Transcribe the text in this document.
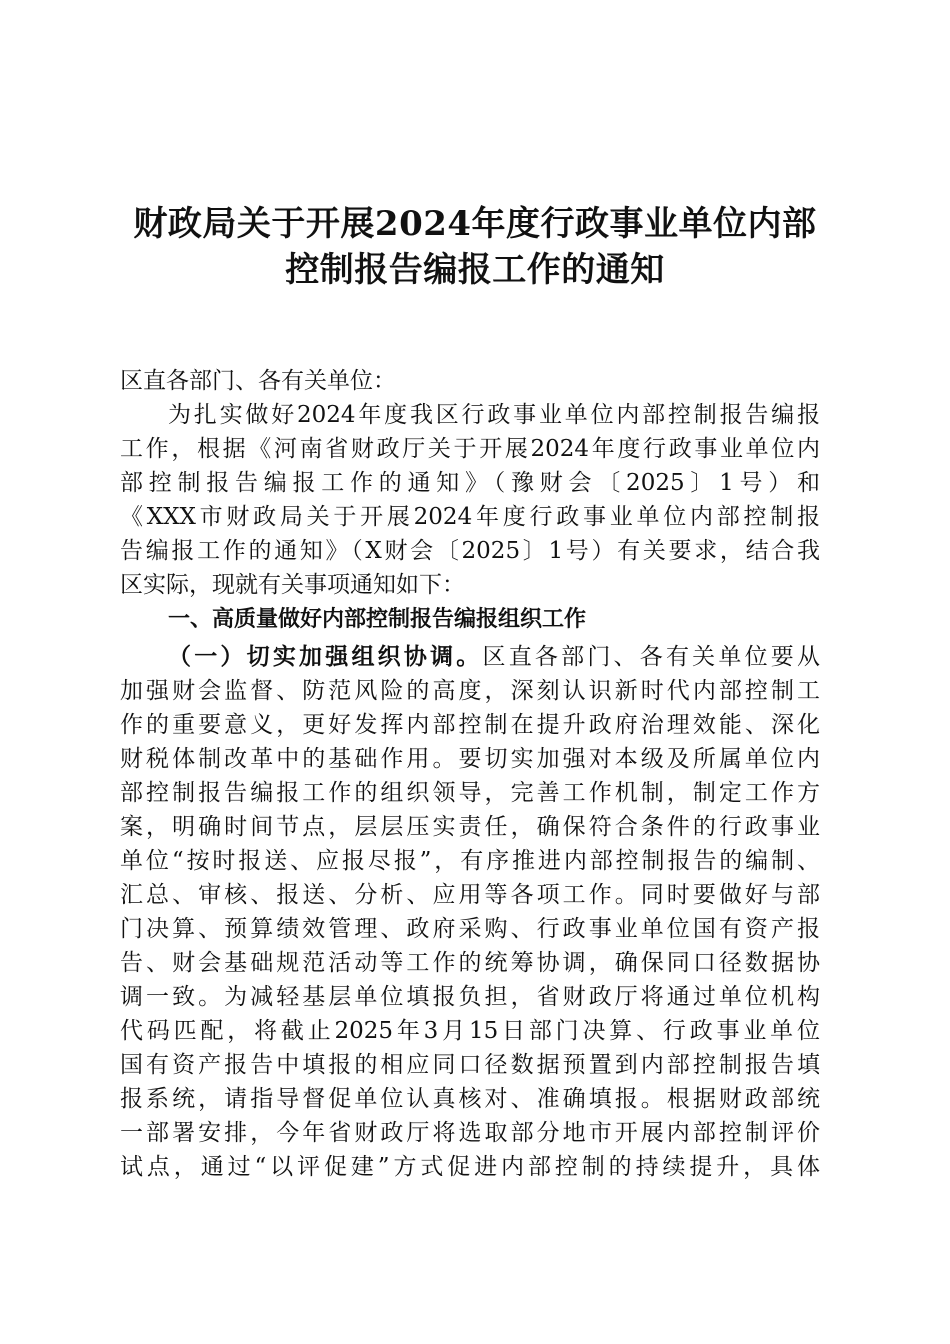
财政局关于开展2024年度行政事业单位内部
控制报告编报工作的通知
区直各部门、各有关单位：
为扎实做好2024年度我区行政事业单位内部控制报告编报
工作，根据《河南省财政厅关于开展2024年度行政事业单位内
部控制报告编报工作的通知》（豫财会〔2025〕1号）和
《XXX市财政局关于开展2024年度行政事业单位内部控制报
告编报工作的通知》（X财会〔2025〕1号）有关要求，结合我
区实际，现就有关事项通知如下：
一、高质量做好内部控制报告编报组织工作
（一）切实加强组织协调。区直各部门、各有关单位要从
加强财会监督、防范风险的高度，深刻认识新时代内部控制工
作的重要意义，更好发挥内部控制在提升政府治理效能、深化
财税体制改革中的基础作用。要切实加强对本级及所属单位内
部控制报告编报工作的组织领导，完善工作机制，制定工作方
案，明确时间节点，层层压实责任，确保符合条件的行政事业
单位“按时报送、应报尽报”，有序推进内部控制报告的编制、
汇总、审核、报送、分析、应用等各项工作。同时要做好与部
门决算、预算绩效管理、政府采购、行政事业单位国有资产报
告、财会基础规范活动等工作的统筹协调，确保同口径数据协
调一致。为减轻基层单位填报负担，省财政厅将通过单位机构
代码匹配，将截止2025年3月15日部门决算、行政事业单位
国有资产报告中填报的相应同口径数据预置到内部控制报告填
报系统，请指导督促单位认真核对、准确填报。根据财政部统
一部署安排，今年省财政厅将选取部分地市开展内部控制评价
试点，通过“以评促建”方式促进内部控制的持续提升，具体
